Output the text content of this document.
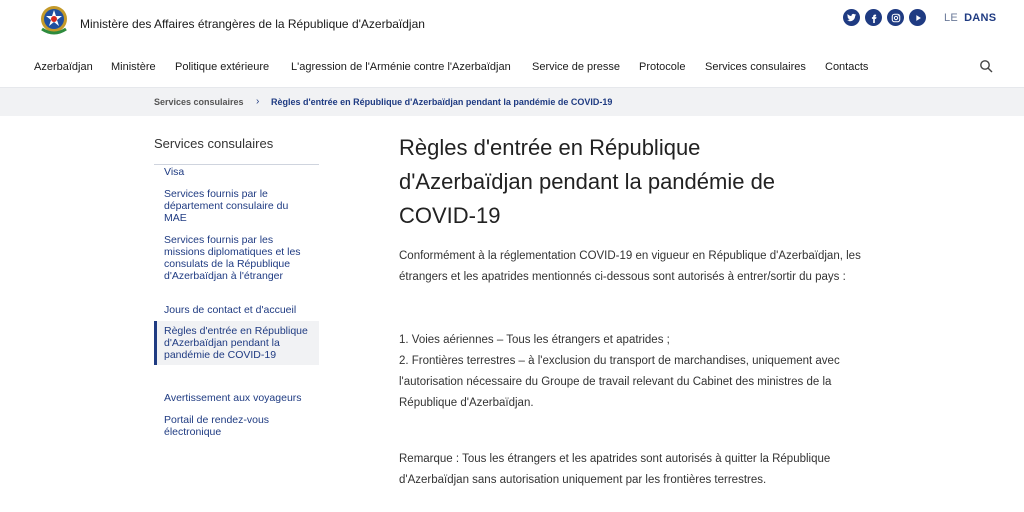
Ministère des Affaires étrangères de la République d'Azerbaïdjan	LE DANS
Azerbaïdjan Ministère Politique extérieure L'agression de l'Arménie contre l'Azerbaïdjan Service de presse Protocole Services consulaires Contacts
Services consulaires › Règles d'entrée en République d'Azerbaïdjan pendant la pandémie de COVID-19
Services consulaires
Visa
Services fournis par le département consulaire du MAE
Services fournis par les missions diplomatiques et les consulats de la République d'Azerbaïdjan à l'étranger
Jours de contact et d'accueil
Règles d'entrée en République d'Azerbaïdjan pendant la pandémie de COVID-19
Avertissement aux voyageurs
Portail de rendez-vous électronique
Règles d'entrée en République d'Azerbaïdjan pendant la pandémie de COVID-19

Conformément à la réglementation COVID-19 en vigueur en République d'Azerbaïdjan, les étrangers et les apatrides mentionnés ci-dessous sont autorisés à entrer/sortir du pays :

1. Voies aériennes – Tous les étrangers et apatrides ;

2. Frontières terrestres – à l'exclusion du transport de marchandises, uniquement avec l'autorisation nécessaire du Groupe de travail relevant du Cabinet des ministres de la République d'Azerbaïdjan.

Remarque : Tous les étrangers et les apatrides sont autorisés à quitter la République d'Azerbaïdjan sans autorisation uniquement par les frontières terrestres.
